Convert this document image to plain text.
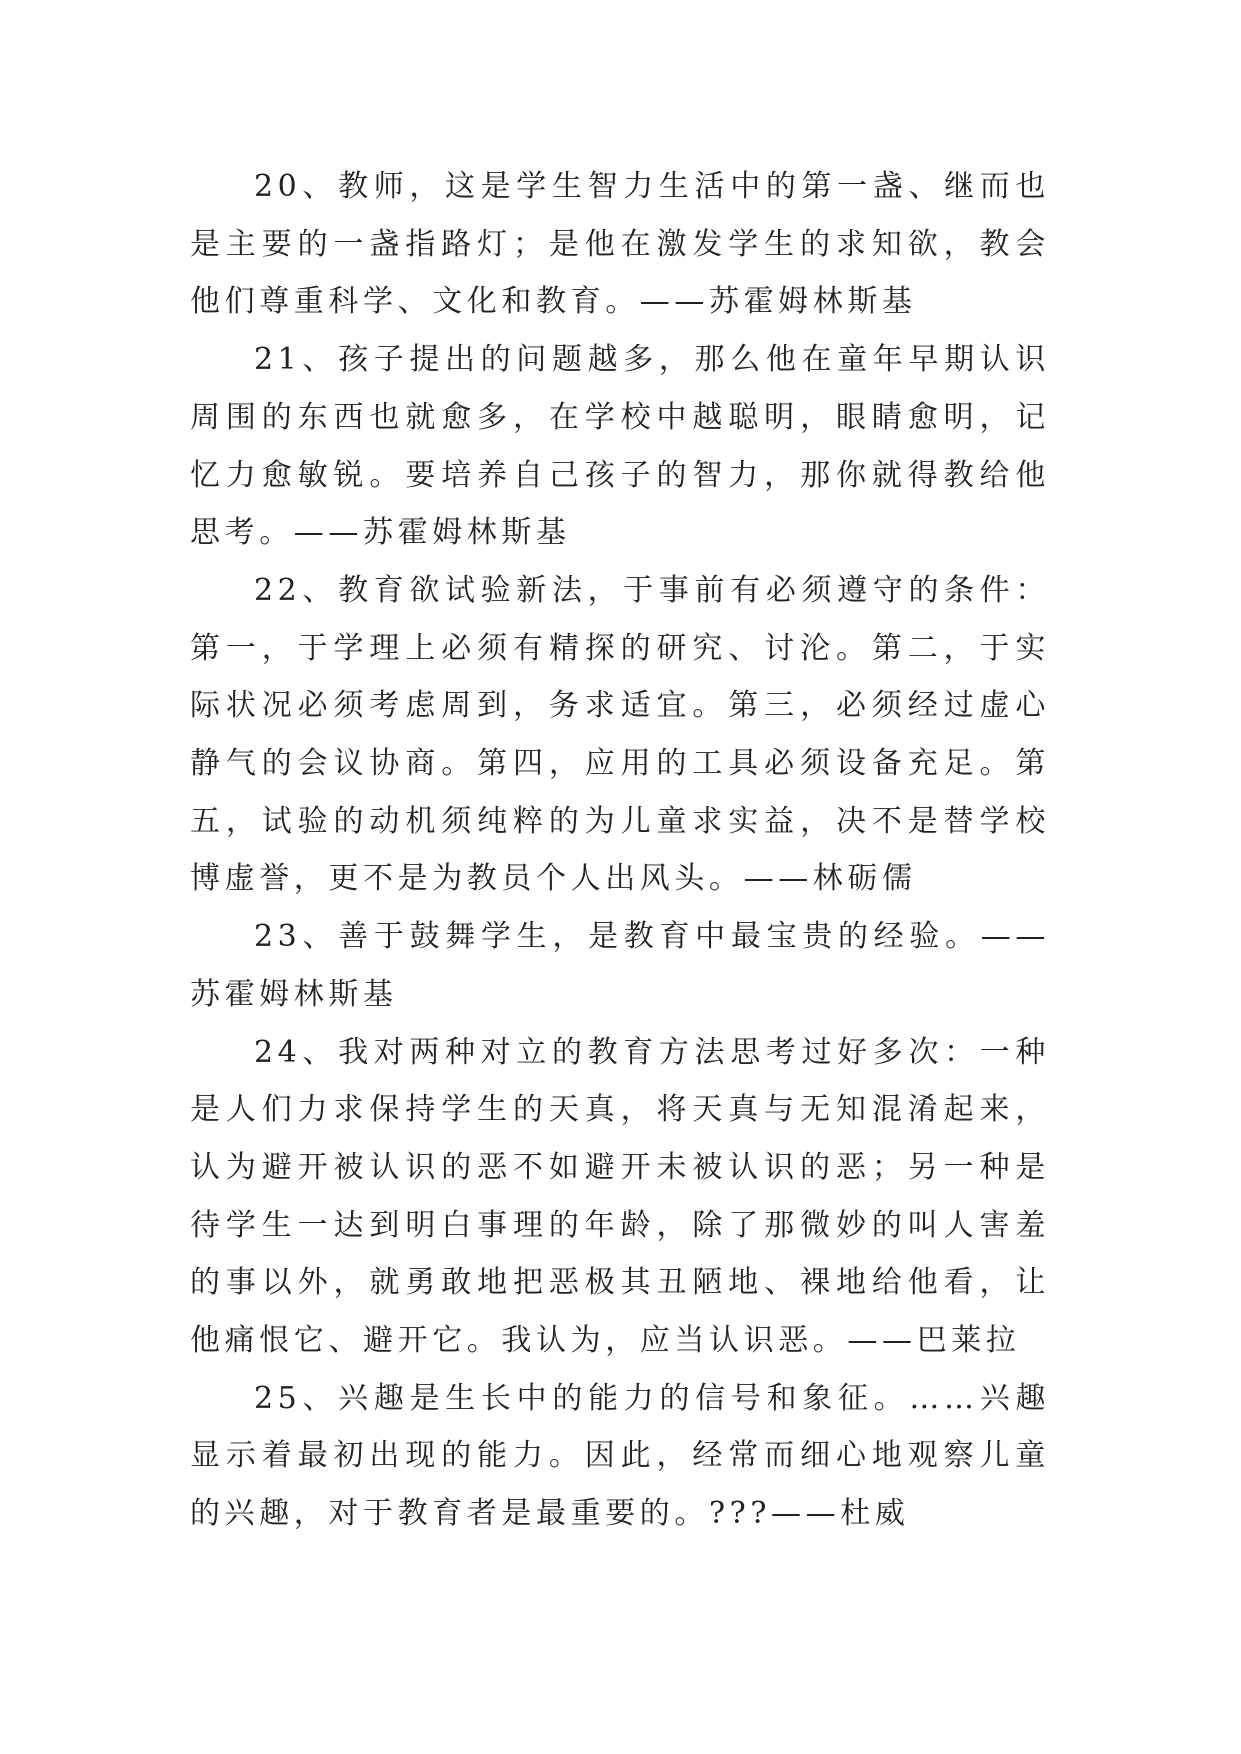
20、教师，这是学生智力生活中的第一盏、继而也是主要的一盏指路灯；是他在激发学生的求知欲，教会他们尊重科学、文化和教育。——苏霍姆林斯基

21、孩子提出的问题越多，那么他在童年早期认识周围的东西也就愈多，在学校中越聪明，眼睛愈明，记忆力愈敏锐。要培养自己孩子的智力，那你就得教给他思考。——苏霍姆林斯基

22、教育欲试验新法，于事前有必须遵守的条件：第一，于学理上必须有精探的研究、讨沦。第二，于实际状况必须考虑周到，务求适宜。第三，必须经过虚心静气的会议协商。第四，应用的工具必须设备充足。第五，试验的动机须纯粹的为儿童求实益，决不是替学校博虚誉，更不是为教员个人出风头。——林砺儒

23、善于鼓舞学生，是教育中最宝贵的经验。——苏霍姆林斯基

24、我对两种对立的教育方法思考过好多次：一种是人们力求保持学生的天真，将天真与无知混淆起来，认为避开被认识的恶不如避开未被认识的恶；另一种是待学生一达到明白事理的年龄，除了那微妙的叫人害羞的事以外，就勇敢地把恶极其丑陋地、裸地给他看，让他痛恨它、避开它。我认为，应当认识恶。——巴莱拉

25、兴趣是生长中的能力的信号和象征。……兴趣显示着最初出现的能力。因此，经常而细心地观察儿童的兴趣，对于教育者是最重要的。???——杜威
